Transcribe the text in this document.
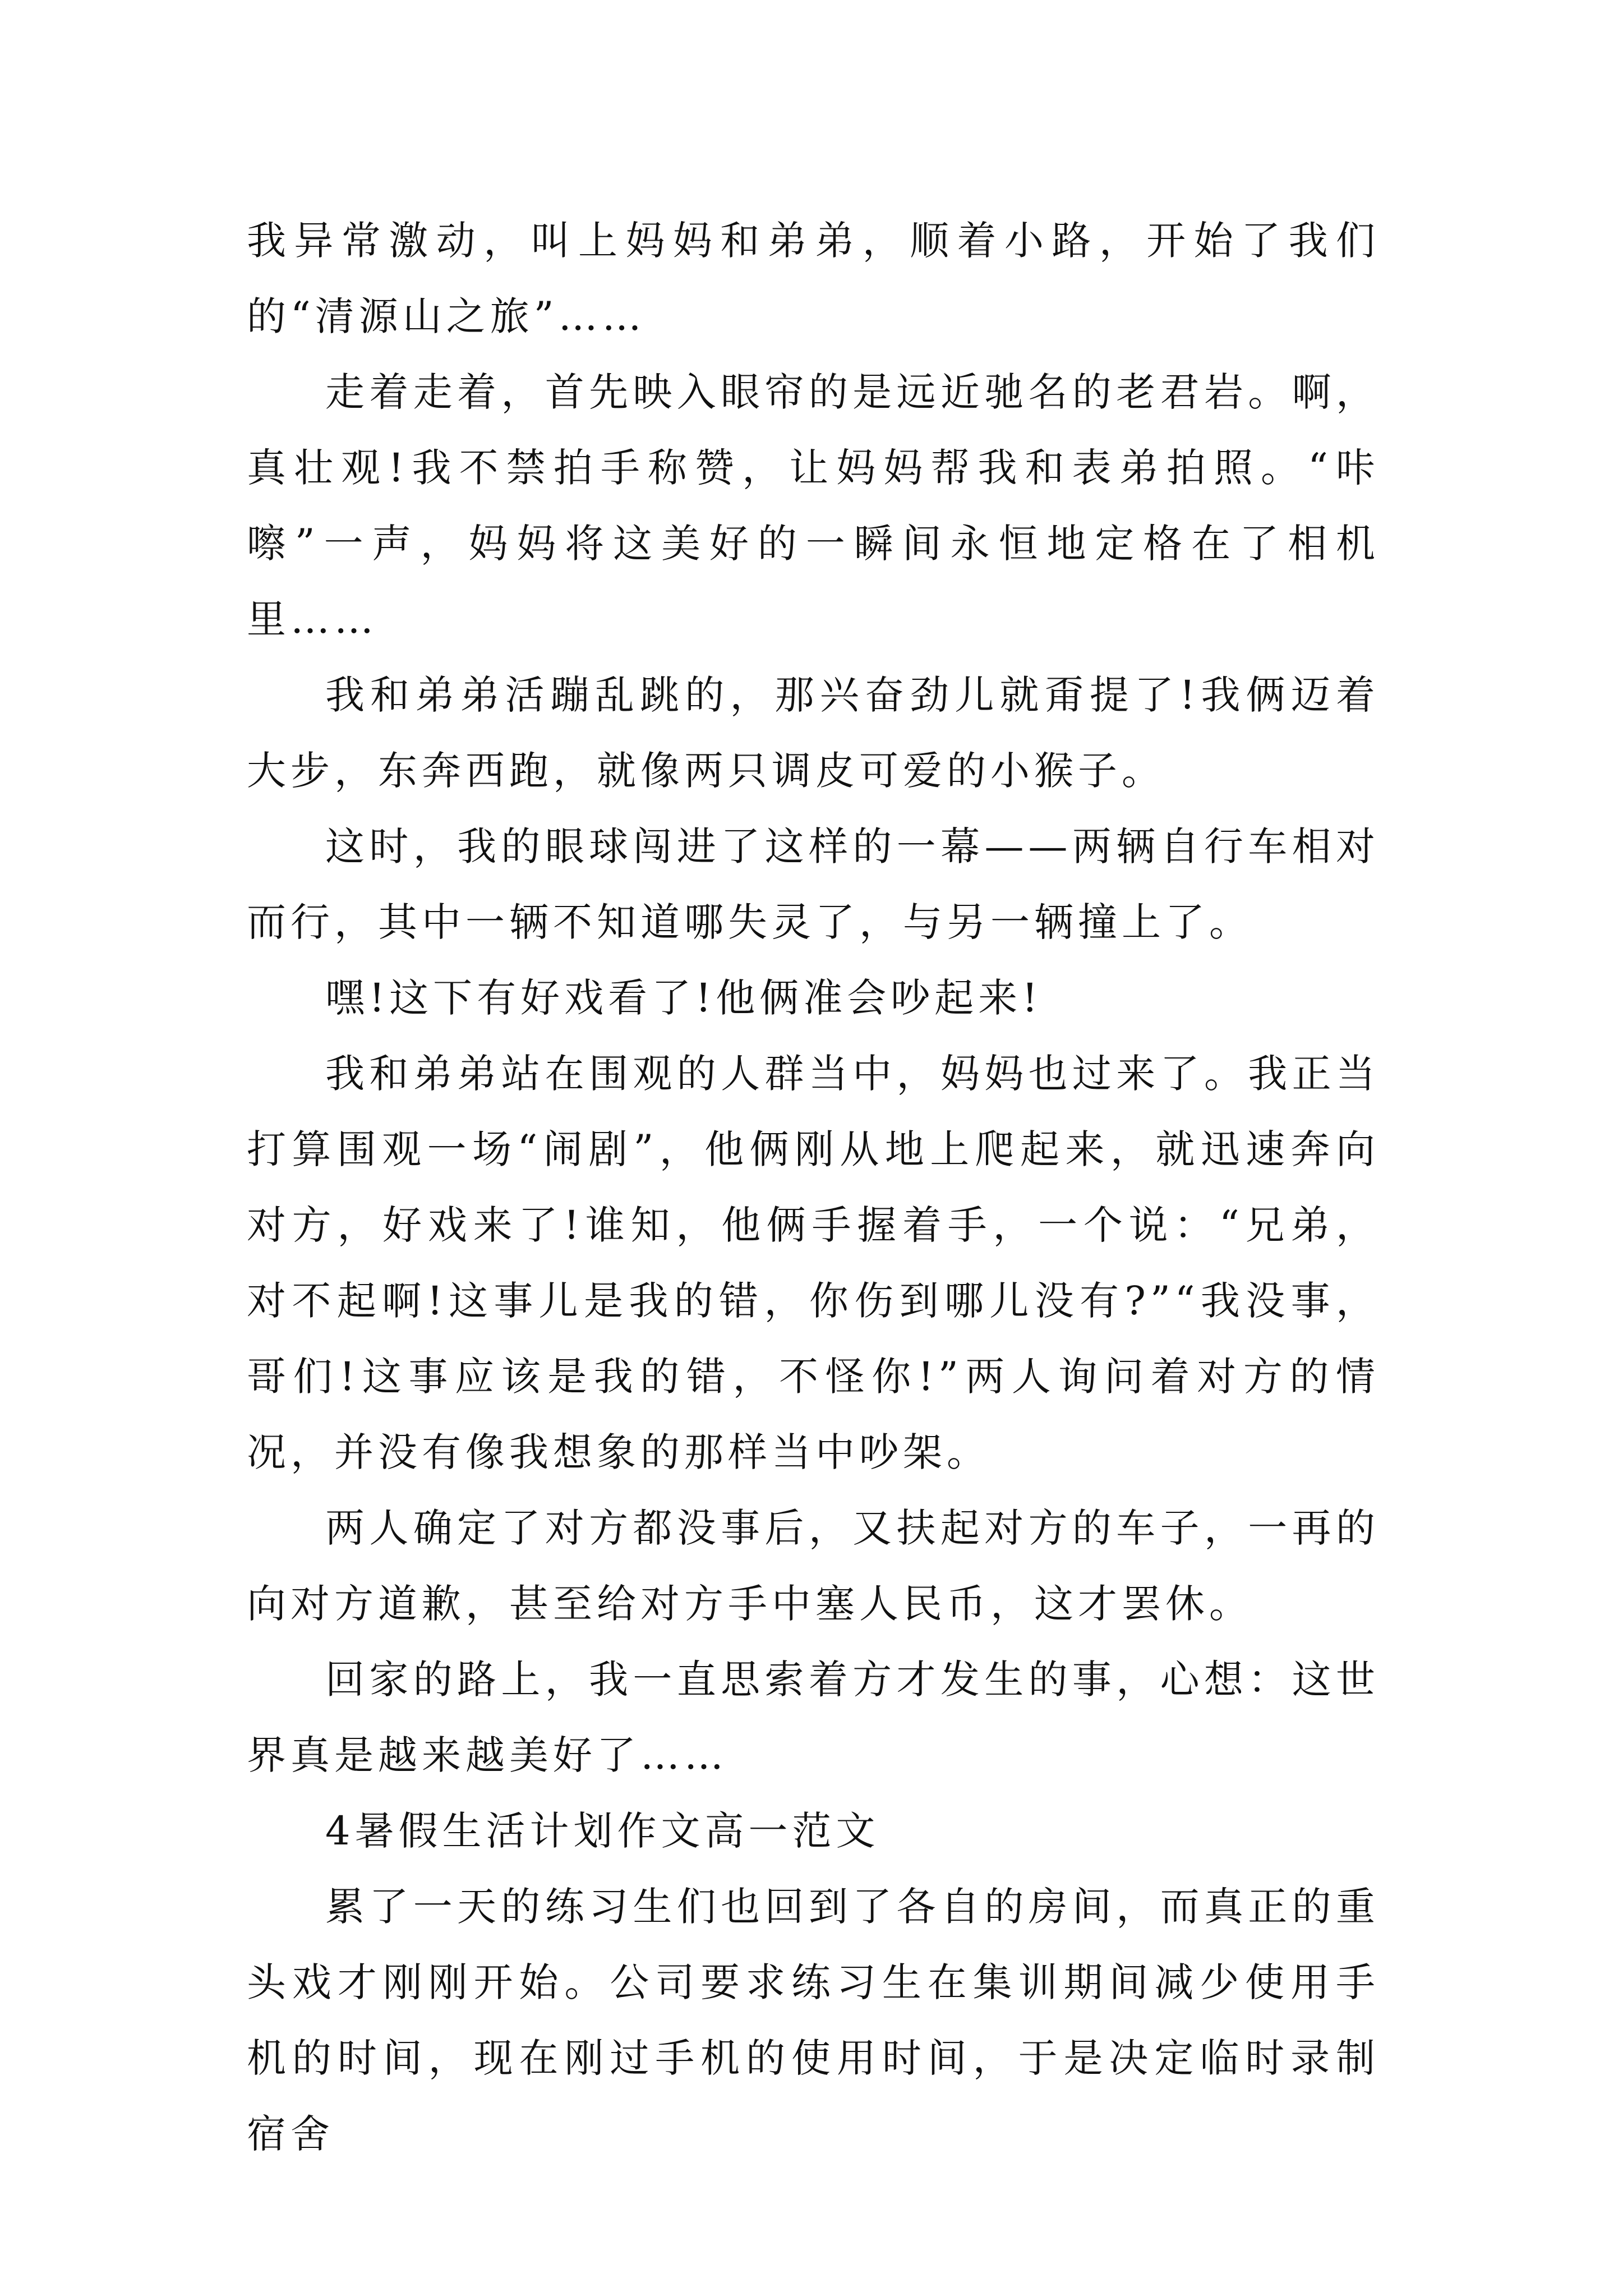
我异常激动，叫上妈妈和弟弟，顺着小路，开始了我们的“清源山之旅”……

走着走着，首先映入眼帘的是远近驰名的老君岩。啊，真壮观!我不禁拍手称赞，让妈妈帮我和表弟拍照。“咔嚓”一声，妈妈将这美好的一瞬间永恒地定格在了相机里……

我和弟弟活蹦乱跳的，那兴奋劲儿就甭提了!我俩迈着大步，东奔西跑，就像两只调皮可爱的小猴子。

这时，我的眼球闯进了这样的一幕——两辆自行车相对而行，其中一辆不知道哪失灵了，与另一辆撞上了。

嘿!这下有好戏看了!他俩准会吵起来!

我和弟弟站在围观的人群当中，妈妈也过来了。我正当打算围观一场“闹剧”，他俩刚从地上爬起来，就迅速奔向对方，好戏来了!谁知，他俩手握着手，一个说：“兄弟，对不起啊!这事儿是我的错，你伤到哪儿没有?”“我没事，哥们!这事应该是我的错，不怪你!”两人询问着对方的情况，并没有像我想象的那样当中吵架。

两人确定了对方都没事后，又扶起对方的车子，一再的向对方道歉，甚至给对方手中塞人民币，这才罢休。

回家的路上，我一直思索着方才发生的事，心想：这世界真是越来越美好了……

4暑假生活计划作文高一范文

累了一天的练习生们也回到了各自的房间，而真正的重头戏才刚刚开始。公司要求练习生在集训期间减少使用手机的时间，现在刚过手机的使用时间，于是决定临时录制宿舍
